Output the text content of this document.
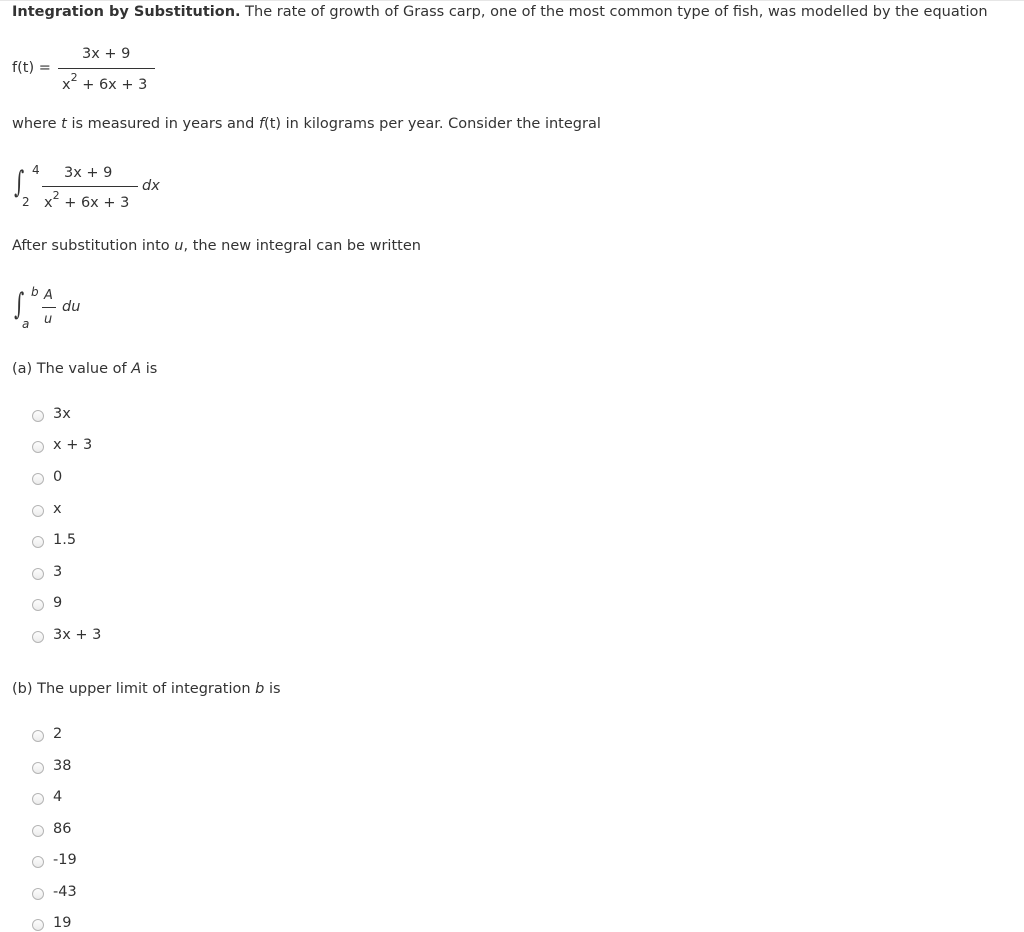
Integration by Substitution. The rate of growth of Grass carp, one of the most common type of fish, was modelled by the equation
f(t) =
3x + 9
$x^2 + 6x + 3$
where t is measured in years and f(t) in kilograms per year. Consider the integral
∫ 4
2
3x + 9
$x^2 + 6x + 3$
dx
After substitution into u, the new integral can be written
∫ b
a
A
u
du
(a) The value of A is
3x
x + 3
0
x
1.5
3
9
3x + 3
(b) The upper limit of integration b is
2
38
4
86
-19
-43
19
